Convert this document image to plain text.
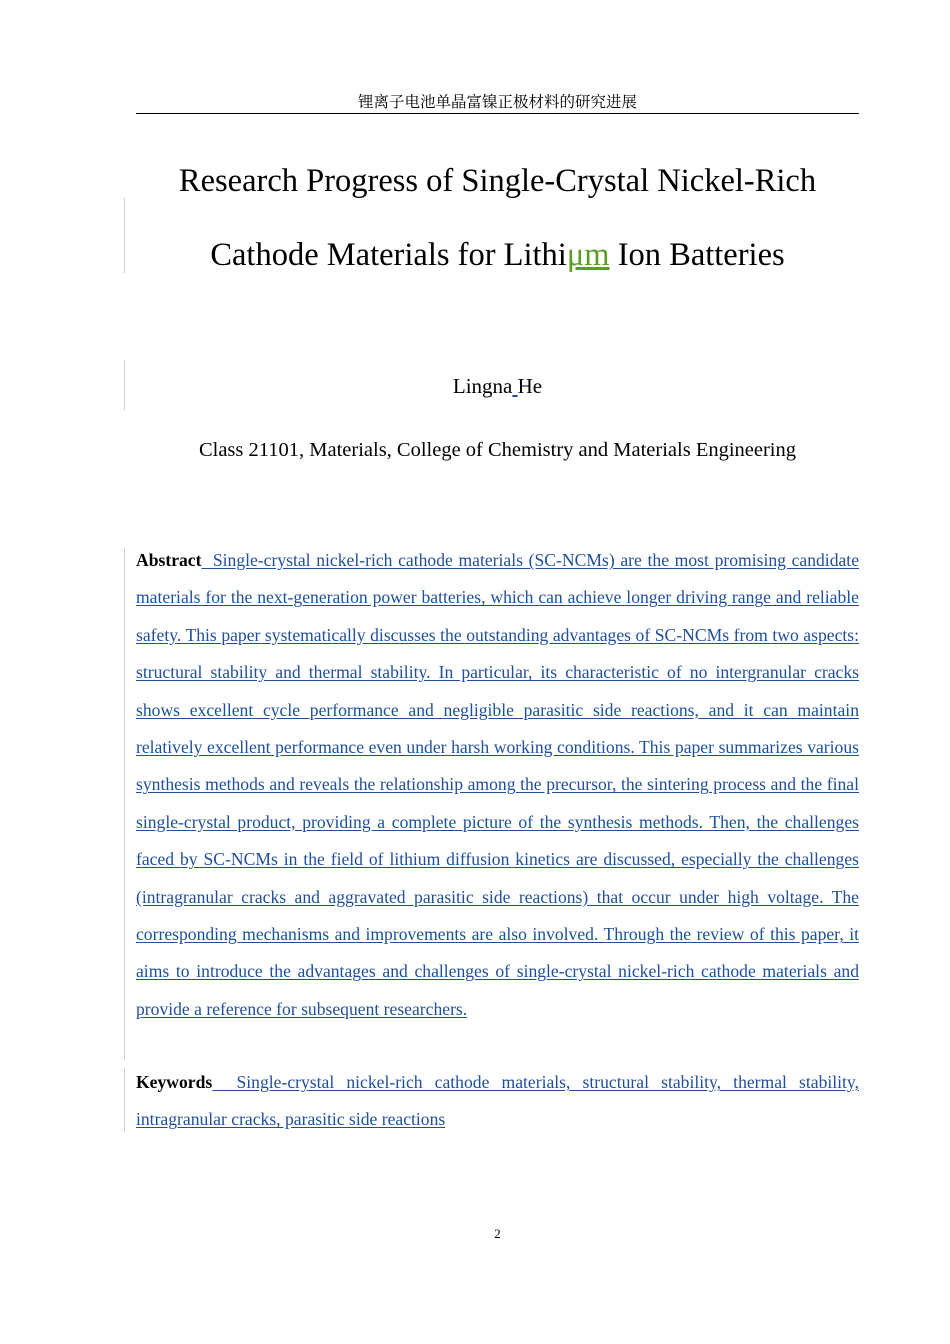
锂离子电池单晶富镍正极材料的研究进展
Research Progress of Single-Crystal Nickel-Rich
Cathode Materials for Lithiμm Ion Batteries
Lingna He
Class 21101, Materials, College of Chemistry and Materials Engineering

Abstract Single-crystal nickel-rich cathode materials (SC-NCMs) are the most promising candidate materials for the next-generation power batteries, which can achieve longer driving range and reliable safety. This paper systematically discusses the outstanding advantages of SC-NCMs from two aspects: structural stability and thermal stability. In particular, its characteristic of no intergranular cracks shows excellent cycle performance and negligible parasitic side reactions, and it can maintain relatively excellent performance even under harsh working conditions. This paper summarizes various synthesis methods and reveals the relationship among the precursor, the sintering process and the final single-crystal product, providing a complete picture of the synthesis methods. Then, the challenges faced by SC-NCMs in the field of lithium diffusion kinetics are discussed, especially the challenges (intragranular cracks and aggravated parasitic side reactions) that occur under high voltage. The corresponding mechanisms and improvements are also involved. Through the review of this paper, it aims to introduce the advantages and challenges of single-crystal nickel-rich cathode materials and provide a reference for subsequent researchers.

Keywords Single-crystal nickel-rich cathode materials, structural stability, thermal stability, intragranular cracks, parasitic side reactions

2
